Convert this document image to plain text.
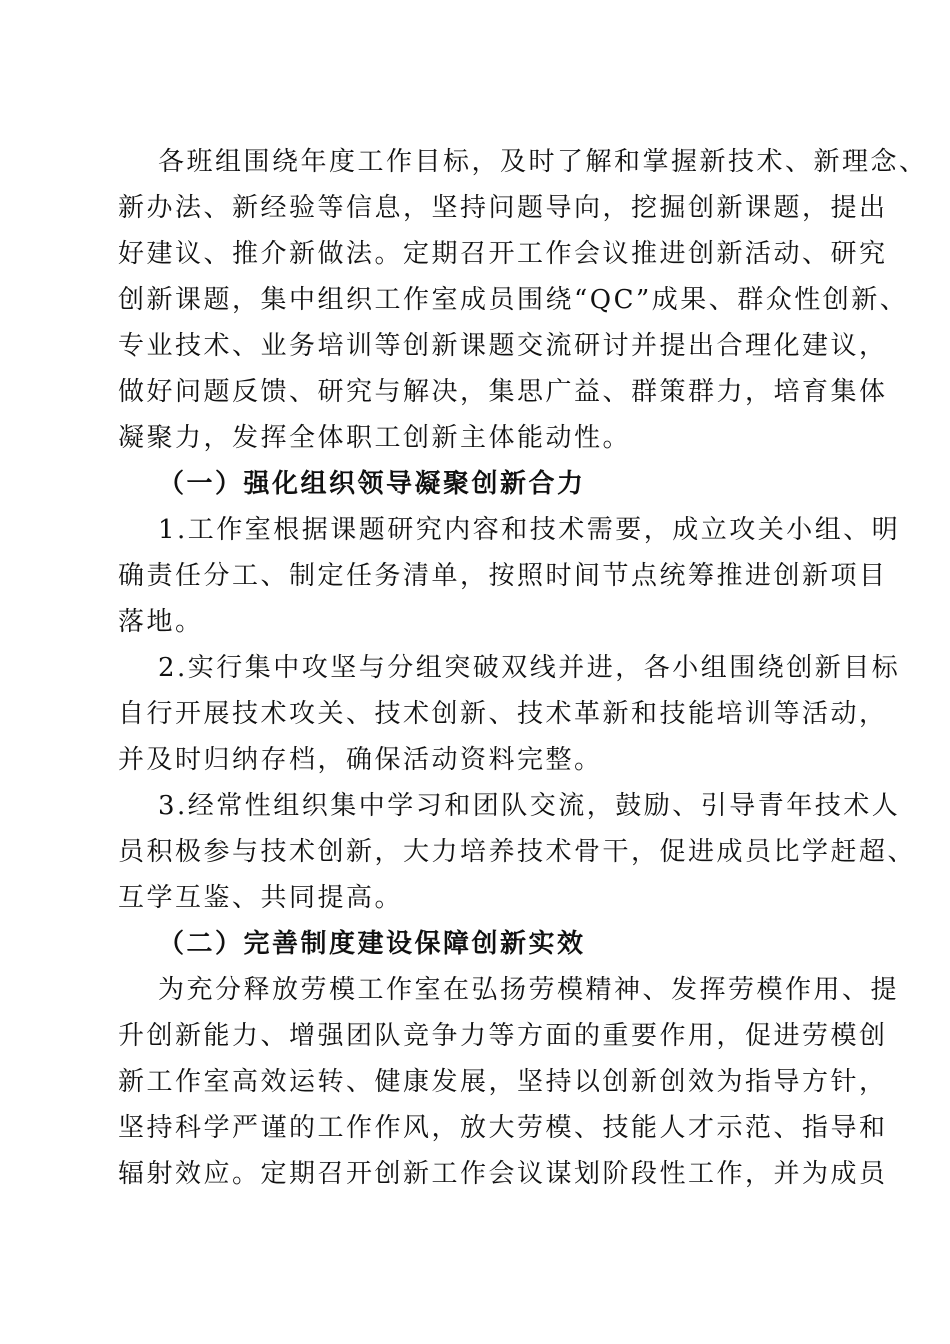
各班组围绕年度工作目标，及时了解和掌握新技术、新理念、
新办法、新经验等信息，坚持问题导向，挖掘创新课题，提出
好建议、推介新做法。定期召开工作会议推进创新活动、研究
创新课题，集中组织工作室成员围绕“QC”成果、群众性创新、
专业技术、业务培训等创新课题交流研讨并提出合理化建议，
做好问题反馈、研究与解决，集思广益、群策群力，培育集体
凝聚力，发挥全体职工创新主体能动性。
（一）强化组织领导凝聚创新合力
1.工作室根据课题研究内容和技术需要，成立攻关小组、明
确责任分工、制定任务清单，按照时间节点统筹推进创新项目
落地。
2.实行集中攻坚与分组突破双线并进，各小组围绕创新目标
自行开展技术攻关、技术创新、技术革新和技能培训等活动，
并及时归纳存档，确保活动资料完整。
3.经常性组织集中学习和团队交流，鼓励、引导青年技术人
员积极参与技术创新，大力培养技术骨干，促进成员比学赶超、
互学互鉴、共同提高。
（二）完善制度建设保障创新实效
为充分释放劳模工作室在弘扬劳模精神、发挥劳模作用、提
升创新能力、增强团队竞争力等方面的重要作用，促进劳模创
新工作室高效运转、健康发展，坚持以创新创效为指导方针，
坚持科学严谨的工作作风，放大劳模、技能人才示范、指导和
辐射效应。定期召开创新工作会议谋划阶段性工作，并为成员
